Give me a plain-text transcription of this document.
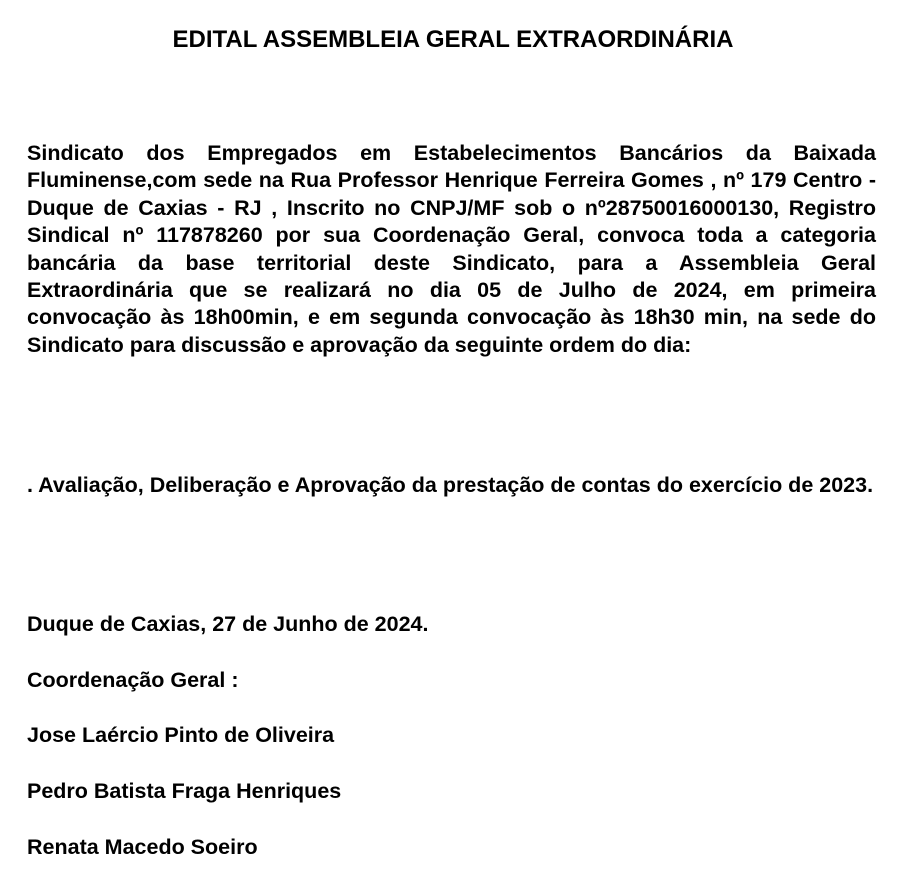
EDITAL ASSEMBLEIA GERAL EXTRAORDINÁRIA

Sindicato dos Empregados em Estabelecimentos Bancários da Baixada Fluminense,com sede na Rua Professor Henrique Ferreira Gomes , nº 179 Centro - Duque de Caxias - RJ , Inscrito no CNPJ/MF sob o nº28750016000130, Registro Sindical nº 117878260 por sua Coordenação Geral, convoca toda a categoria bancária da base territorial deste Sindicato, para a Assembleia Geral Extraordinária que se realizará no dia 05 de Julho de 2024, em primeira convocação às 18h00min, e em segunda convocação às 18h30 min, na sede do Sindicato para discussão e aprovação da seguinte ordem do dia:

. Avaliação, Deliberação e Aprovação da prestação de contas do exercício de 2023.

Duque de Caxias, 27 de Junho de 2024.

Coordenação Geral :

Jose Laércio Pinto de Oliveira

Pedro Batista Fraga Henriques

Renata Macedo Soeiro
